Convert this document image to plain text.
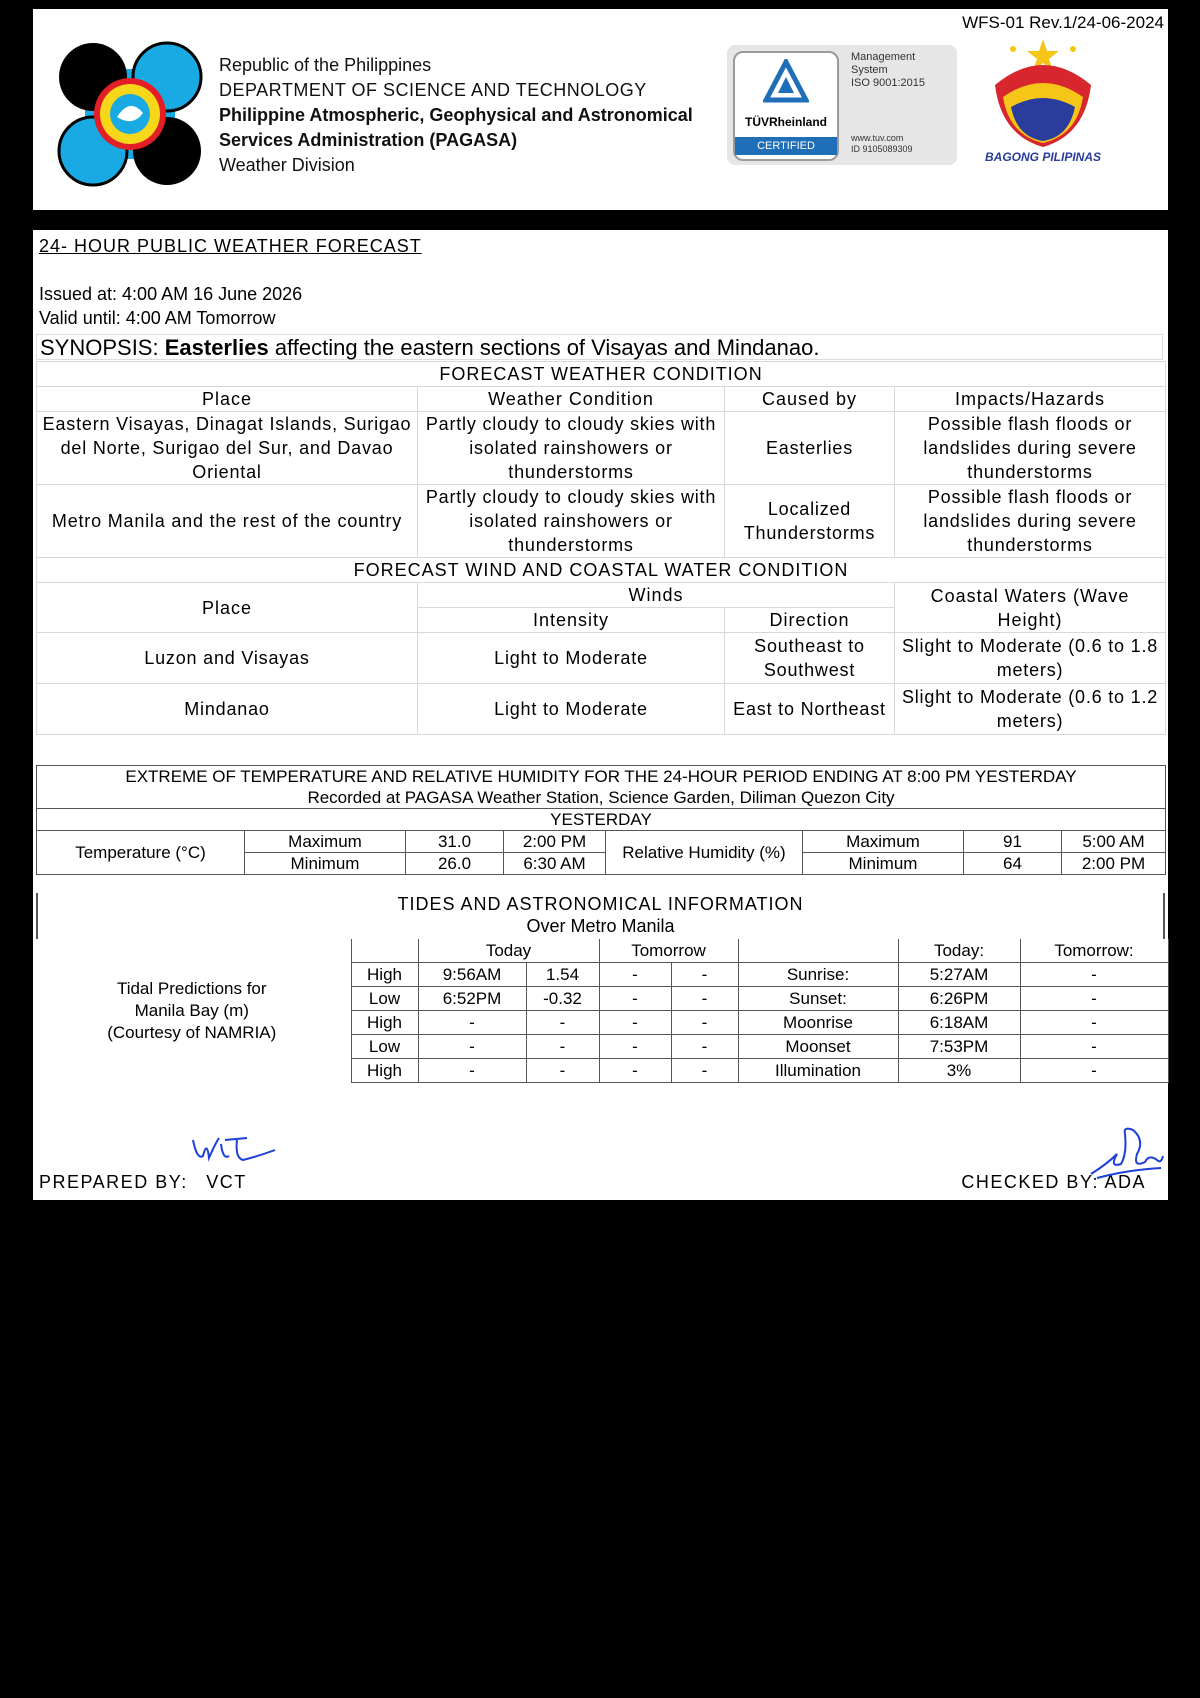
WFS-01 Rev.1/24-06-2024
Republic of the Philippines
DEPARTMENT OF SCIENCE AND TECHNOLOGY
Philippine Atmospheric, Geophysical and Astronomical
Services Administration (PAGASA)
Weather Division
TÜVRheinland
CERTIFIED
Management
System
ISO 9001:2015
www.tuv.com
ID 9105089309
BAGONG PILIPINAS
24- HOUR PUBLIC WEATHER FORECAST
Issued at: 4:00 AM 16 June 2026
Valid until: 4:00 AM Tomorrow
SYNOPSIS: Easterlies affecting the eastern sections of Visayas and Mindanao.
FORECAST WEATHER CONDITION			
Place	Weather Condition	Caused by	Impacts/Hazards
Eastern Visayas, Dinagat Islands, Surigao del Norte, Surigao del Sur, and Davao Oriental	Partly cloudy to cloudy skies with isolated rainshowers or thunderstorms	Easterlies	Possible flash floods or landslides during severe thunderstorms
Metro Manila and the rest of the country	Partly cloudy to cloudy skies with isolated rainshowers or thunderstorms	Localized Thunderstorms	Possible flash floods or landslides during severe thunderstorms
FORECAST WIND AND COASTAL WATER CONDITION			
Place	Winds		Coastal Waters (Wave Height)
	Intensity	Direction	
Luzon and Visayas	Light to Moderate	Southeast to Southwest	Slight to Moderate (0.6 to 1.8 meters)
Mindanao	Light to Moderate	East to Northeast	Slight to Moderate (0.6 to 1.2 meters)
EXTREME OF TEMPERATURE AND RELATIVE HUMIDITY FOR THE 24-HOUR PERIOD ENDING AT 8:00 PM YESTERDAY
Recorded at PAGASA Weather Station, Science Garden, Diliman Quezon City							

YESTERDAY							
Temperature (°C)	Maximum	31.0	2:00 PM	Relative Humidity (%)	Maximum	91	5:00 AM
	Minimum	26.0	6:30 AM		Minimum	64	2:00 PM
TIDES AND ASTRONOMICAL INFORMATION
Over Metro Manila
Tidal Predictions for Manila Bay (m) (Courtesy of NAMRIA)		Today		Tomorrow			Today:	Tomorrow:
	High	9:56AM	1.54	-	-	Sunrise:	5:27AM	-
	Low	6:52PM	-0.32	-	-	Sunset:	6:26PM	-
	High	-	-	-	-	Moonrise	6:18AM	-
	Low	-	-	-	-	Moonset	7:53PM	-
	High	-	-	-	-	Illumination	3%	-
PREPARED BY: VCT	CHECKED BY: ADA
